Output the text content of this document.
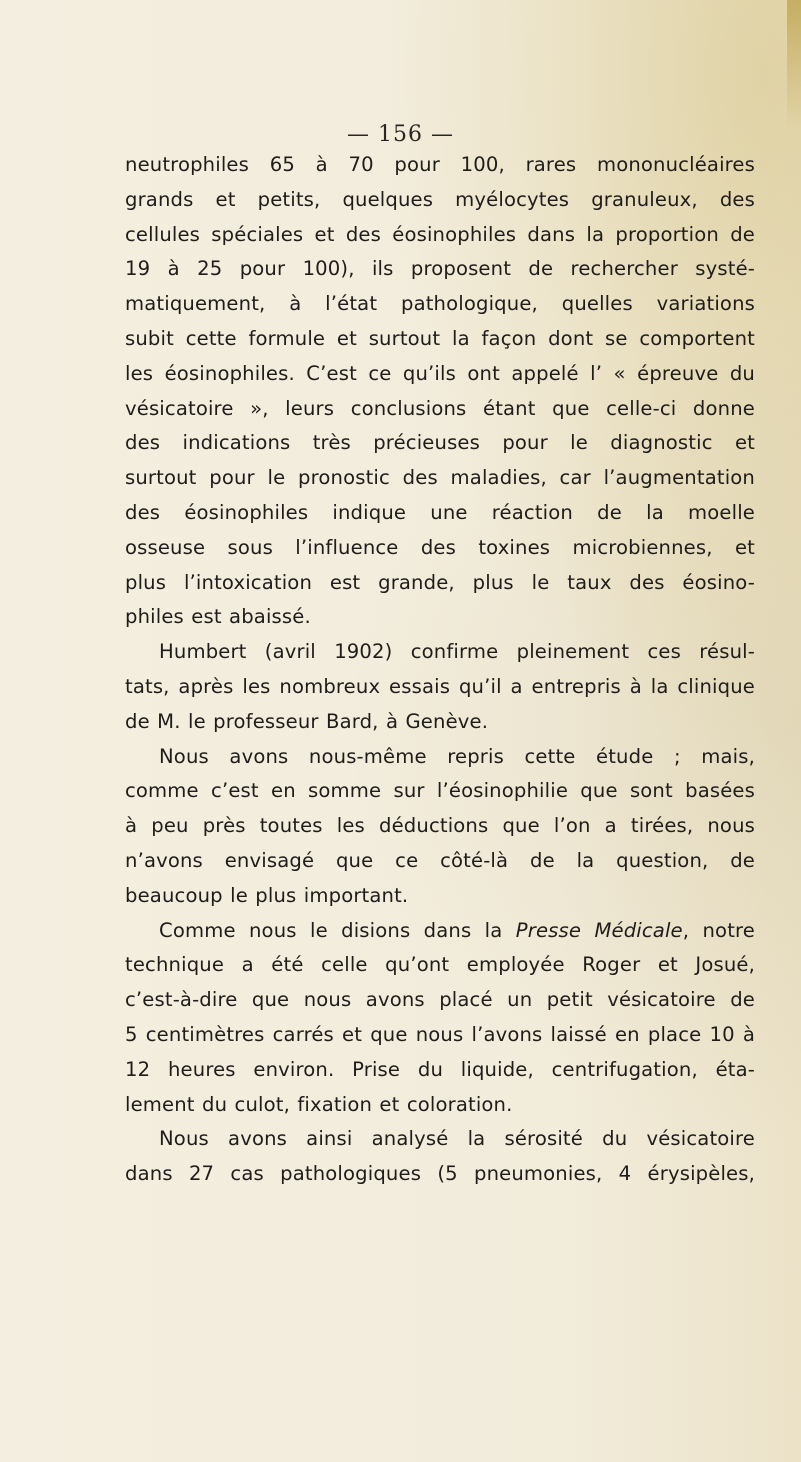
— 156 —
neutrophiles 65 à 70 pour 100, rares mononucléaires
grands et petits, quelques myélocytes granuleux, des
cellules spéciales et des éosinophiles dans la proportion de
19 à 25 pour 100), ils proposent de rechercher systé-
matiquement, à l’état pathologique, quelles variations
subit cette formule et surtout la façon dont se comportent
les éosinophiles. C’est ce qu’ils ont appelé l’ « épreuve du
vésicatoire », leurs conclusions étant que celle-ci donne
des indications très précieuses pour le diagnostic et
surtout pour le pronostic des maladies, car l’augmentation
des éosinophiles indique une réaction de la moelle
osseuse sous l’influence des toxines microbiennes, et
plus l’intoxication est grande, plus le taux des éosino-
philes est abaissé.
Humbert (avril 1902) confirme pleinement ces résul-
tats, après les nombreux essais qu’il a entrepris à la clinique
de M. le professeur Bard, à Genève.
Nous avons nous-même repris cette étude ; mais,
comme c’est en somme sur l’éosinophilie que sont basées
à peu près toutes les déductions que l’on a tirées, nous
n’avons envisagé que ce côté-là de la question, de
beaucoup le plus important.
Comme nous le disions dans la Presse Médicale, notre
technique a été celle qu’ont employée Roger et Josué,
c’est-à-dire que nous avons placé un petit vésicatoire de
5 centimètres carrés et que nous l’avons laissé en place 10 à
12 heures environ. Prise du liquide, centrifugation, éta-
lement du culot, fixation et coloration.
Nous avons ainsi analysé la sérosité du vésicatoire
dans 27 cas pathologiques (5 pneumonies, 4 érysipèles,
